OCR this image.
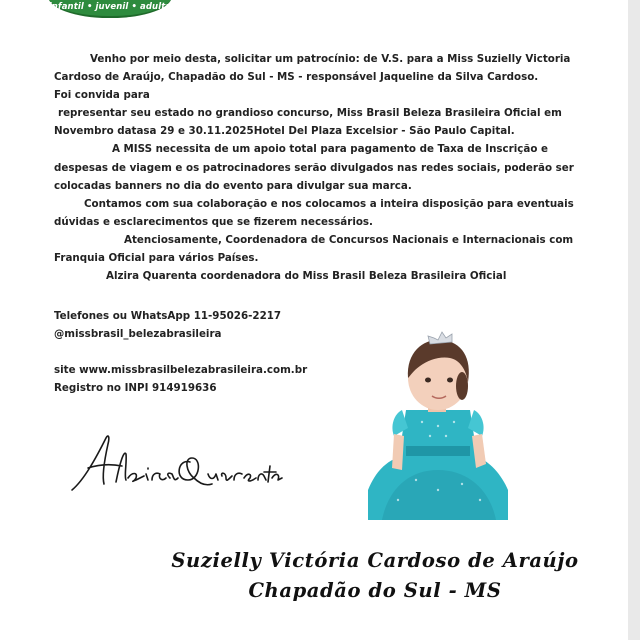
infantil • juvenil • adulta

Venho por meio desta, solicitar um patrocínio: de V.S. para a Miss Suzielly Victoria Cardoso de Araújo, Chapadão do Sul - MS - responsável Jaqueline da Silva Cardoso.

Foi convida para

representar seu estado no grandioso concurso, Miss Brasil Beleza Brasileira Oficial em Novembro datasa 29 e 30.11.2025Hotel Del Plaza Excelsior - São Paulo Capital.

A MISS necessita de um apoio total para pagamento de Taxa de Inscrição e despesas de viagem e os patrocinadores serão divulgados nas redes sociais, poderão ser colocadas banners no dia do evento para divulgar sua marca.

Contamos com sua colaboração e nos colocamos a inteira disposição para eventuais dúvidas e esclarecimentos que se fizerem necessários.

Atenciosamente, Coordenadora de Concursos Nacionais e Internacionais com Franquia Oficial para vários Países.

Alzira Quarenta coordenadora do Miss Brasil Beleza Brasileira Oficial

Telefones ou WhatsApp 11-95026-2217

@missbrasil_belezabrasileira

site www.missbrasilbelezabrasileira.com.br

Registro no INPI 914919636

Suzielly Victória Cardoso de Araújo
Chapadão do Sul - MS
